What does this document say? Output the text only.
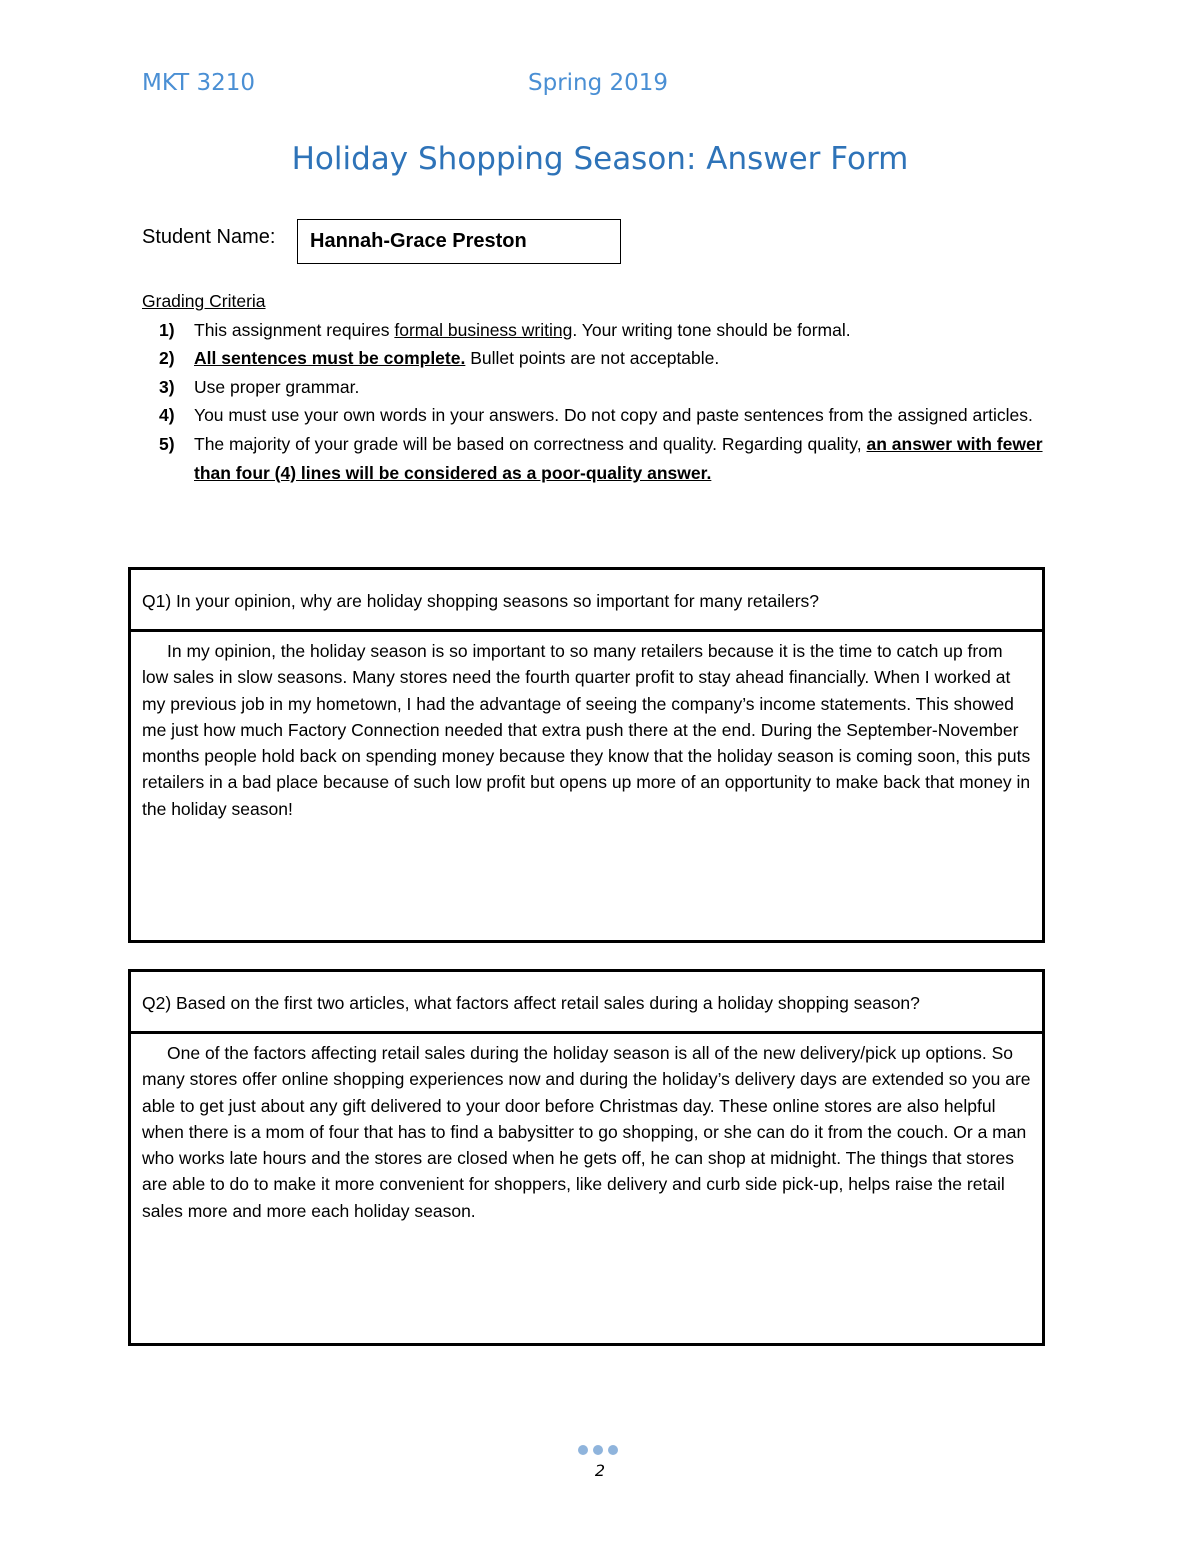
MKT 3210	Spring 2019
Holiday Shopping Season: Answer Form
Student Name:	Hannah-Grace Preston
Grading Criteria
1) This assignment requires formal business writing. Your writing tone should be formal.
2) All sentences must be complete. Bullet points are not acceptable.
3) Use proper grammar.
4) You must use your own words in your answers. Do not copy and paste sentences from the assigned articles.
5) The majority of your grade will be based on correctness and quality. Regarding quality, an answer with fewer than four (4) lines will be considered as a poor-quality answer.
Q1) In your opinion, why are holiday shopping seasons so important for many retailers?
In my opinion, the holiday season is so important to so many retailers because it is the time to catch up from low sales in slow seasons. Many stores need the fourth quarter profit to stay ahead financially. When I worked at my previous job in my hometown, I had the advantage of seeing the company’s income statements. This showed me just how much Factory Connection needed that extra push there at the end. During the September-November months people hold back on spending money because they know that the holiday season is coming soon, this puts retailers in a bad place because of such low profit but opens up more of an opportunity to make back that money in the holiday season!
Q2) Based on the first two articles, what factors affect retail sales during a holiday shopping season?
One of the factors affecting retail sales during the holiday season is all of the new delivery/pick up options. So many stores offer online shopping experiences now and during the holiday’s delivery days are extended so you are able to get just about any gift delivered to your door before Christmas day. These online stores are also helpful when there is a mom of four that has to find a babysitter to go shopping, or she can do it from the couch. Or a man who works late hours and the stores are closed when he gets off, he can shop at midnight. The things that stores are able to do to make it more convenient for shoppers, like delivery and curb side pick-up, helps raise the retail sales more and more each holiday season.
2
